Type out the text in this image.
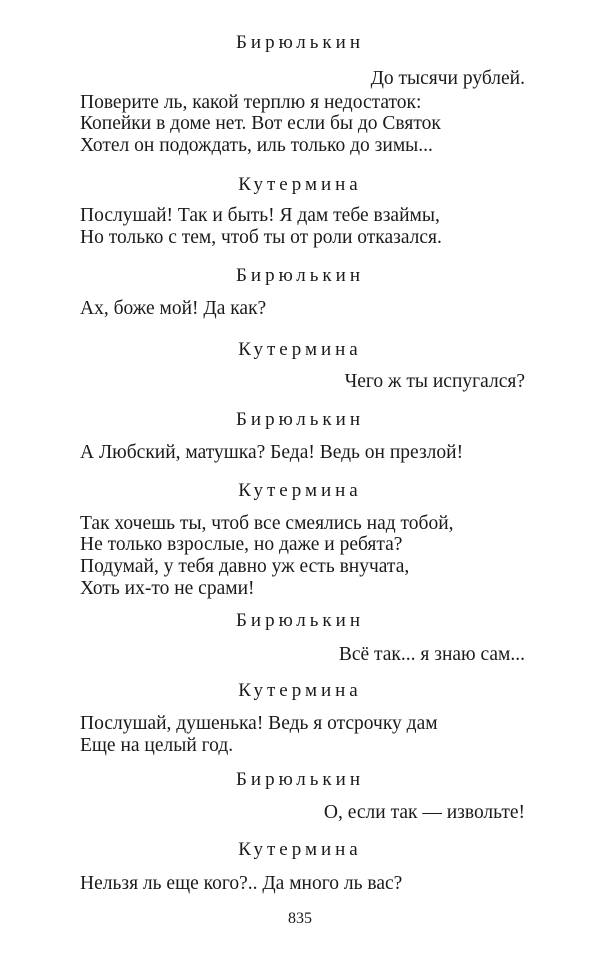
Бирюлькин
До тысячи рублей.
Поверите ль, какой терплю я недостаток:
Копейки в доме нет. Вот если бы до Святок
Хотел он подождать, иль только до зимы...
Кутермина
Послушай! Так и быть! Я дам тебе взаймы,
Но только с тем, чтоб ты от роли отказался.
Бирюлькин
Ах, боже мой! Да как?
Кутермина
Чего ж ты испугался?
Бирюлькин
А Любский, матушка? Беда! Ведь он презлой!
Кутермина
Так хочешь ты, чтоб все смеялись над тобой,
Не только взрослые, но даже и ребята?
Подумай, у тебя давно уж есть внучата,
Хоть их-то не срами!
Бирюлькин
Всё так... я знаю сам...
Кутермина
Послушай, душенька! Ведь я отсрочку дам
Еще на целый год.
Бирюлькин
О, если так — извольте!
Кутермина
Нельзя ль еще кого?.. Да много ль вас?
835
